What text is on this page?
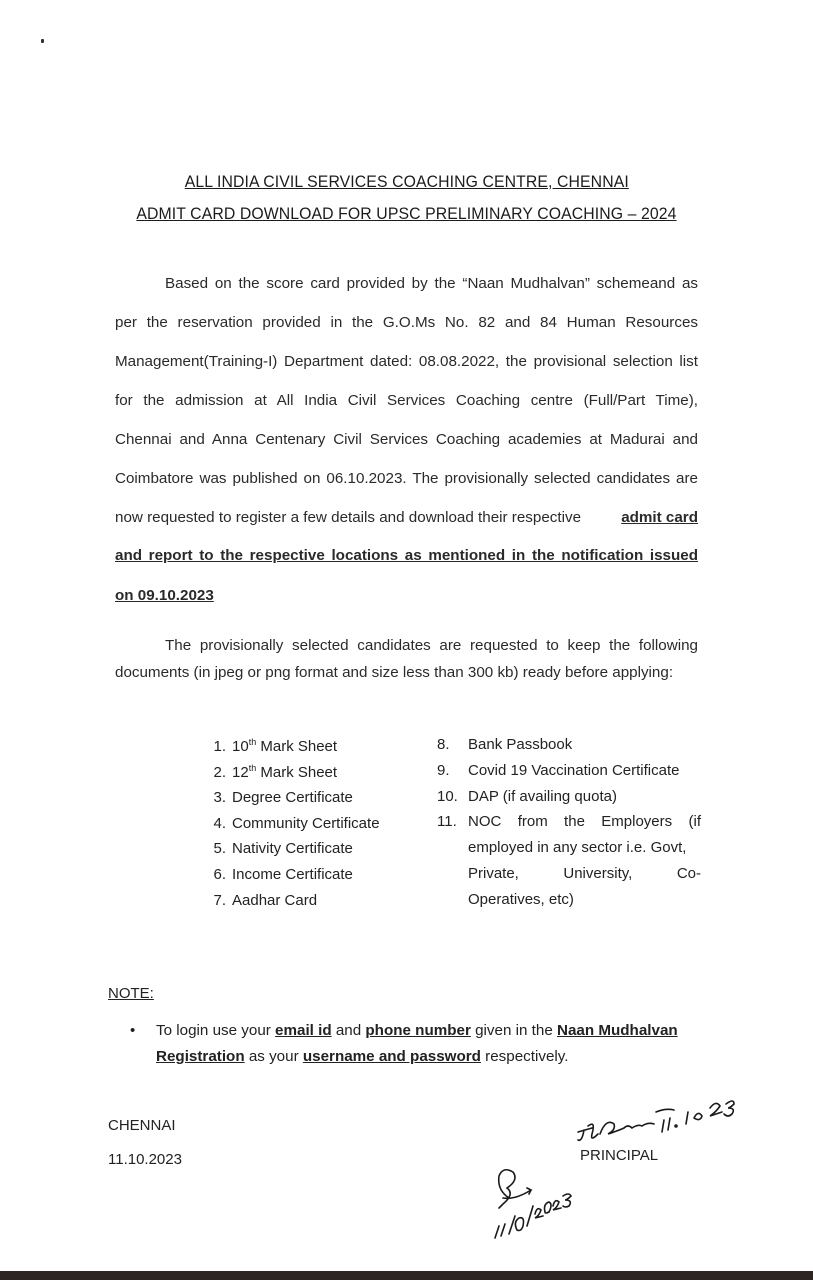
ALL INDIA CIVIL SERVICES COACHING CENTRE, CHENNAI
ADMIT CARD DOWNLOAD FOR UPSC PRELIMINARY COACHING – 2024
Based on the score card provided by the “Naan Mudhalvan” schemeand as
per the reservation provided in the G.O.Ms No. 82 and 84 Human Resources
Management(Training-I) Department dated: 08.08.2022, the provisional selection list
for the admission at All India Civil Services Coaching centre (Full/Part Time),
Chennai and Anna Centenary Civil Services Coaching academies at Madurai and
Coimbatore was published on 06.10.2023. The provisionally selected candidates are
now requested to register a few details and download their respective	admit card
and report to the respective locations as mentioned in the notification issued
on 09.10.2023
The provisionally selected candidates are requested to keep the following
documents (in jpeg or png format and size less than 300 kb) ready before applying:
1. 10th Mark Sheet
2. 12th Mark Sheet
3. Degree Certificate
4. Community Certificate
5. Nativity Certificate
6. Income Certificate
7. Aadhar Card
8. Bank Passbook
9. Covid 19 Vaccination Certificate
10. DAP (if availing quota)
11. NOC from the Employers (if
employed in any sector i.e. Govt,
Private, University, Co-
Operatives, etc)
NOTE:
• To login use your email id and phone number given in the Naan Mudhalvan
Registration as your username and password respectively.
CHENNAI
11.10.2023	PRINCIPAL
